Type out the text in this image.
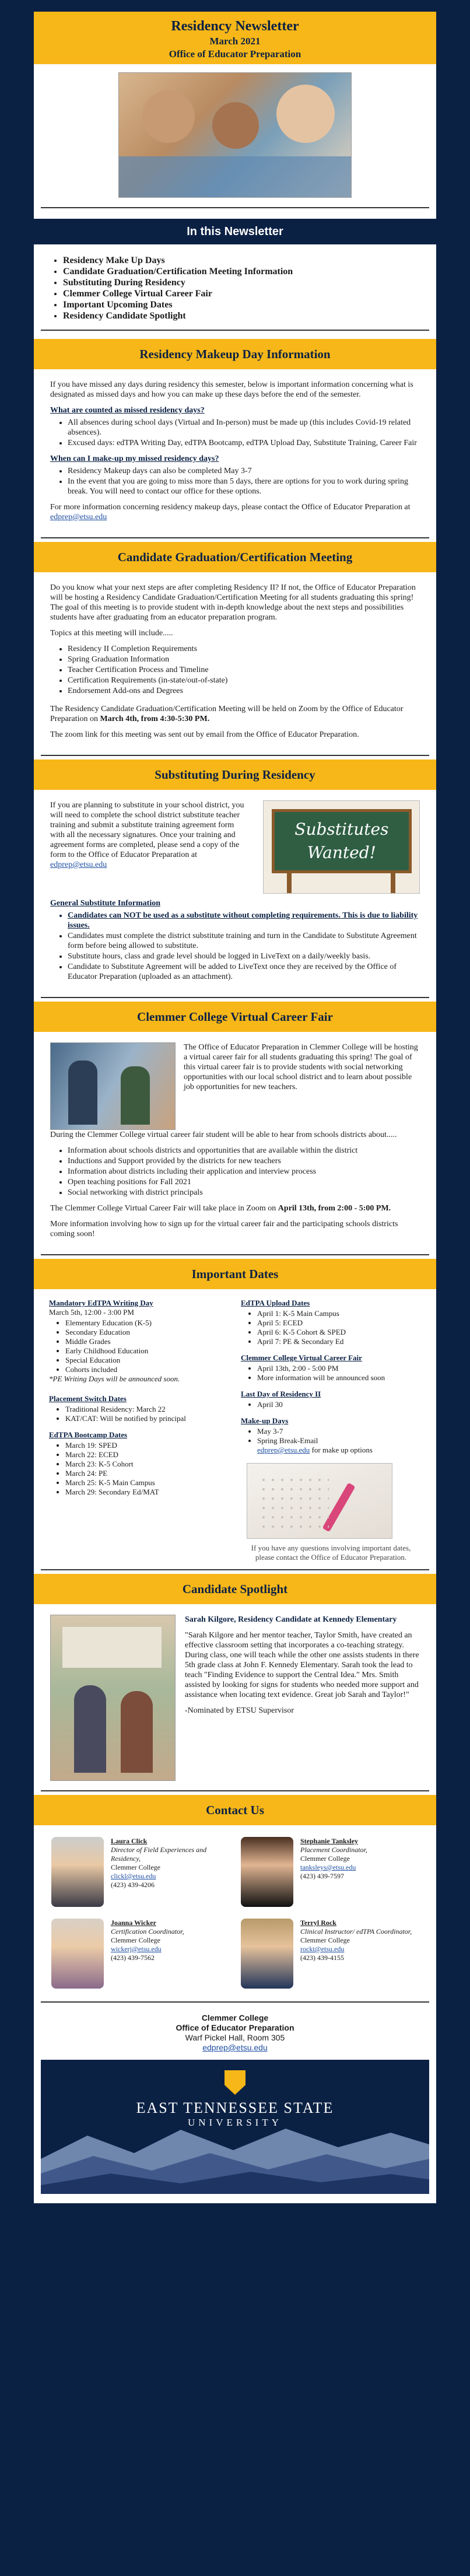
Residency Newsletter
March 2021
Office of Educator Preparation
In this Newsletter
• Residency Make Up Days
• Candidate Graduation/Certification Meeting Information
• Substituting During Residency
• Clemmer College Virtual Career Fair
• Important Upcoming Dates
• Residency Candidate Spotlight
Residency Makeup Day Information

If you have missed any days during residency this semester, below is important information concerning what is designated as missed days and how you can make up these days before the end of the semester.

What are counted as missed residency days?
• All absences during school days (Virtual and In-person) must be made up (this includes Covid-19 related absences).
• Excused days: edTPA Writing Day, edTPA Bootcamp, edTPA Upload Day, Substitute Training, Career Fair
When can I make-up my missed residency days?
• Residency Makeup days can also be completed May 3-7
• In the event that you are going to miss more than 5 days, there are options for you to work during spring break. You will need to contact our office for these options.

For more information concerning residency makeup days, please contact the Office of Educator Preparation at edprep@etsu.edu

Candidate Graduation/Certification Meeting

Do you know what your next steps are after completing Residency II? If not, the Office of Educator Preparation will be hosting a Residency Candidate Graduation/Certification Meeting for all students graduating this spring! The goal of this meeting is to provide student with in-depth knowledge about the next steps and possibilities students have after graduating from an educator preparation program.

Topics at this meeting will include.....

• Residency II Completion Requirements
• Spring Graduation Information
• Teacher Certification Process and Timeline
• Certification Requirements (in-state/out-of-state)
• Endorsement Add-ons and Degrees

The Residency Candidate Graduation/Certification Meeting will be held on Zoom by the Office of Educator Preparation on March 4th, from 4:30-5:30 PM.

The zoom link for this meeting was sent out by email from the Office of Educator Preparation.

Substituting During Residency

If you are planning to substitute in your school district, you will need to complete the school district substitute teacher training and submit a substitute training agreement form with all the necessary signatures. Once your training and agreement forms are completed, please send a copy of the form to the Office of Educator Preparation at edprep@etsu.edu

Substitutes
Wanted!
General Substitute Information
• Candidates can NOT be used as a substitute without completing requirements. This is due to liability issues.
• Candidates must complete the district substitute training and turn in the Candidate to Substitute Agreement form before being allowed to substitute.
• Substitute hours, class and grade level should be logged in LiveText on a daily/weekly basis.
• Candidate to Substitute Agreement will be added to LiveText once they are received by the Office of Educator Preparation (uploaded as an attachment).
Clemmer College Virtual Career Fair

The Office of Educator Preparation in Clemmer College will be hosting a virtual career fair for all students graduating this spring! The goal of this virtual career fair is to provide students with social networking opportunities with our local school district and to learn about possible job opportunities for new teachers.

During the Clemmer College virtual career fair student will be able to hear from schools districts about.....

• Information about schools districts and opportunities that are available within the district
• Inductions and Support provided by the districts for new teachers
• Information about districts including their application and interview process
• Open teaching positions for Fall 2021
• Social networking with district principals

The Clemmer College Virtual Career Fair will take place in Zoom on April 13th, from 2:00 - 5:00 PM.

More information involving how to sign up for the virtual career fair and the participating schools districts coming soon!

Important Dates
Mandatory EdTPA Writing Day
March 5th, 12:00 - 3:00 PM
• Elementary Education (K-5)
• Secondary Education
• Middle Grades
• Early Childhood Education
• Special Education
• Cohorts included
*PE Writing Days will be announced soon.
Placement Switch Dates
• Traditional Residency: March 22
• KAT/CAT: Will be notified by principal
EdTPA Bootcamp Dates
• March 19: SPED
• March 22: ECED
• March 23: K-5 Cohort
• March 24: PE
• March 25: K-5 Main Campus
• March 29: Secondary Ed/MAT
EdTPA Upload Dates
• April 1: K-5 Main Campus
• April 5: ECED
• April 6: K-5 Cohort & SPED
• April 7: PE & Secondary Ed
Clemmer College Virtual Career Fair
• April 13th, 2:00 - 5:00 PM
• More information will be announced soon
Last Day of Residency II
• April 30
Make-up Days
• May 3-7
• Spring Break-Email
edprep@etsu.edu for make up options
If you have any questions involving important dates, please contact the Office of Educator Preparation.
Candidate Spotlight

Sarah Kilgore, Residency Candidate at Kennedy Elementary

"Sarah Kilgore and her mentor teacher, Taylor Smith, have created an effective classroom setting that incorporates a co-teaching strategy. During class, one will teach while the other one assists students in there 5th grade class at John F. Kennedy Elementary. Sarah took the lead to teach "Finding Evidence to support the Central Idea." Mrs. Smith assisted by looking for signs for students who needed more support and assistance when locating text evidence. Great job Sarah and Taylor!"

-Nominated by ETSU Supervisor

Contact Us
Laura Click
Director of Field Experiences and Residency,
Clemmer College
clickl@etsu.edu
(423) 439-4206
Stephanie Tanksley
Placement Coordinator,
Clemmer College
tanksleys@etsu.edu
(423) 439-7597
Joanna Wicker
Certification Coordinator,
Clemmer College
wickerj@etsu.edu
(423) 439-7562
Terryl Rock
Clinical Instructor/ edTPA Coordinator,
Clemmer College
rockt@etsu.edu
(423) 439-4155
Clemmer College
Office of Educator Preparation
Warf Pickel Hall, Room 305
edprep@etsu.edu
EAST TENNESSEE STATE
UNIVERSITY
